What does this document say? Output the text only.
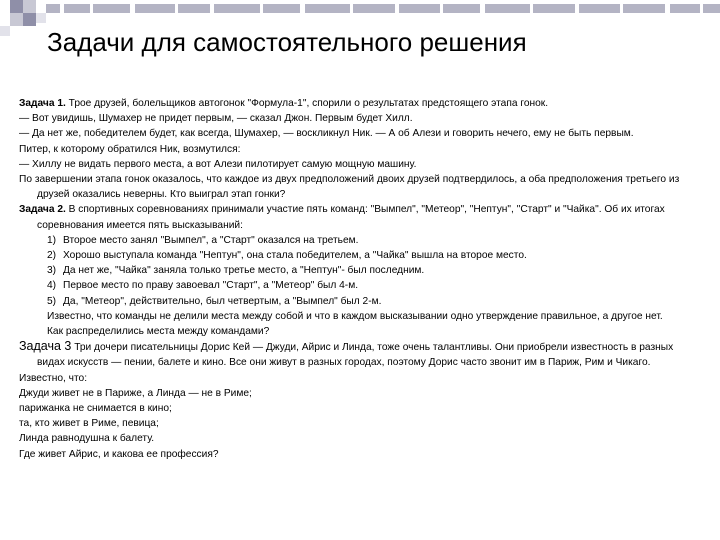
Задачи для самостоятельного решения

Задача 1. Трое друзей, болельщиков автогонок "Формула-1", спорили о результатах предстоящего этапа гонок.

— Вот увидишь, Шумахер не придет первым, — сказал Джон. Первым будет Хилл.

— Да нет же, победителем будет, как всегда, Шумахер, — воскликнул Ник. — А об Алези и говорить нечего, ему не быть первым.

Питер, к которому обратился Ник, возмутился:

— Хиллу не видать первого места, а вот Алези пилотирует самую мощную машину.

По завершении этапа гонок оказалось, что каждое из двух предположений двоих друзей подтвердилось, а оба предположения третьего из друзей оказались неверны. Кто выиграл этап гонки?

Задача 2. В спортивных соревнованиях принимали участие пять команд: "Вымпел", "Метеор", "Нептун", "Старт" и "Чайка". Об их итогах соревнования имеется пять высказываний:

1) Второе место занял "Вымпел", а "Старт" оказался на третьем.

2) Хорошо выступала команда "Нептун", она стала победителем, а "Чайка" вышла на второе место.

3) Да нет же, "Чайка" заняла только третье место, а "Нептун"- был последним.

4) Первое место по праву завоевал "Старт", а "Метеор" был 4-м.

5) Да, "Метеор", действительно, был четвертым, а "Вымпел" был 2-м.

Известно, что команды не делили места между собой и что в каждом высказывании одно утверждение правильное, а другое нет.

Как распределились места между командами?

Задача 3 Три дочери писательницы Дорис Кей — Джуди, Айрис и Линда, тоже очень талантливы. Они приобрели известность в разных видах искусств — пении, балете и кино. Все они живут в разных городах, поэтому Дорис часто звонит им в Париж, Рим и Чикаго.

Известно, что:

Джуди живет не в Париже, а Линда — не в Риме;

парижанка не снимается в кино;

та, кто живет в Риме, певица;

Линда равнодушна к балету.

Где живет Айрис, и какова ее профессия?
